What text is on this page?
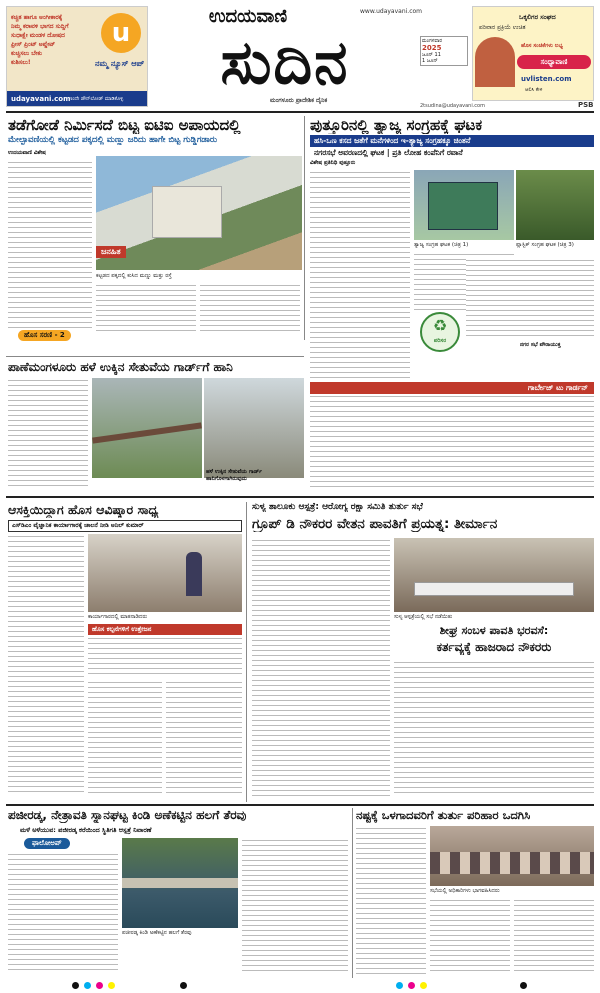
ಕಚ್ಚಿತ ಹಾಗೂ ಅಂಗೀಕಾರಕ್ಕೆ
ನಿಮ್ಮ ಕರಾವಳಿ ಭಾಗದ ಸುದ್ದಿಗೆ
ಸುಧಾಕ್ಷೇ ಮಂಡಳ ದೋಷದ
ಫ್ರೀಸ್ ಪ್ರಿಂಟ್ ಅಪ್ಡೇಟ್
ಕುಚ್ಚಿಸಲು ಬೇಕು
ಕುಶಿಸಲು!
u
ನಮ್ಮ ನ್ಯೂಸ್ ಆಪ್
udayavani.com
ಇಂದೇ ಡೌನ್‌ಲೋಡ್ ಮಾಡಿಕೊಳ್ಳಿ
ಉದಯವಾಣಿ	www.udayavani.com
ಸುದಿನ	ಮಂಗಳವಾರ
2025
ಜೂನ್ 11
1 ಜೂನ್
ಮಂಗಳೂರು ಪ್ರಾದೇಶಿಕ ದೈನಿಕ
2tsudina@udayavani.com	PSB
ಒಕ್ಕಲಿಗರ ಸಂಘದ
ಪರಿವಾರ ಪ್ರಕ್ರಿಯೆ ಉಚಿತ
ಹೊಸ ಸಂಚಿಕೆಗಳು ಲಭ್ಯ
ಸಂಧ್ಯಾವಾಣಿ
uvlisten.com
ಆಲಿಸಿ ಕೇಳಿ
ತಡೆಗೋಡೆ ನಿರ್ಮಿಸದೆ ಬಿಟ್ಟ ಐಟಿಐ ಅಪಾಯದಲ್ಲಿ
ಮೇಲ್ಛಾವಣಿಯಲ್ಲಿ ಕಟ್ಟಡದ ಪಕ್ಕದಲ್ಲಿ ಮಣ್ಣು ಜರಿದು ಹಾಗೇ ಬಿಟ್ಟ ಗುಡ್ಡಿಗಡಾರು
ಉದಯವಾಣಿ ವಿಶೇಷ
ಜನಹಿತ
ಕಟ್ಟಡದ ಪಕ್ಕದಲ್ಲಿ ಕುಸಿದ ಮಣ್ಣು ಮತ್ತು ರಸ್ತೆ
ಹೊಸ ಸರಣಿ - 2
ಪುತ್ತೂರಿನಲ್ಲಿ ತ್ಯಾಜ್ಯ ಸಂಗ್ರಹಕ್ಕೆ ಘಟಕ
ಹಸಿ-ಒಣ ಕಸದ ಜತೆಗೆ ಮನೆಗಳಿಂದ ಇ-ತ್ಯಾಜ್ಯ ಸಂಗ್ರಹಕ್ಕೂ ಚಿಂತನೆ
ನಗರಸಭೆ ಅವರಣದಲ್ಲಿ ಘಟಕ | ಪ್ರತಿ ಲೋಹ ಕಂಪೆನಿಗೆ ರವಾನೆ
ವಿಶೇಷ ಪ್ರತಿನಿಧಿ ಪುತ್ತೂರು
ತ್ಯಾಜ್ಯ ಸಂಗ್ರಹ ಘಟಕ (ಚಿತ್ರ 1)	ಪ್ಲಾಸ್ಟಿಕ್ ಸಂಗ್ರಹ ಘಟಕ (ಚಿತ್ರ 3)
♻
ಪರಿಸರ
ನಗರ ಸಭೆ ಪೌರಾಯುಕ್ತ
ಗಾರ್ಬೇಜ್ ಟು ಗಾರ್ಡನ್
ಪಾಣೆಮಂಗಳೂರು ಹಳೆ ಉಕ್ಕಿನ ಸೇತುವೆಯ ಗಾರ್ಡ್‌ಗೆ ಹಾನಿ
ಹಳೆ ಉಕ್ಕಿನ ಸೇತುವೆಯ ಗಾರ್ಡ್ ಹಾನಿಗೊಳಗಾಗಿರುವುದು
ಆಸಕ್ತಿಯಿದ್ದಾಗ ಹೊಸ ಆವಿಷ್ಕಾರ ಸಾಧ್ಯ
ಎಸ್‌ಡಿಎಂ ವೈಜ್ಞಾನಿಕ ಕಾರ್ಯಾಗಾರಕ್ಕೆ ಚಾಲನೆ ನೀಡಿ ಅನಿಲ್ ಕುಮಾರ್
ಕಾರ್ಯಾಗಾರದಲ್ಲಿ ಮಾತನಾಡಿದರು
ಹೊಸ ಕಲ್ಪನೆಗಳಿಗೆ ಉತ್ತೇಜನ
ಸುಳ್ಯ ತಾಲೂಕು ಆಸ್ಪತ್ರೆ: ಆರೋಗ್ಯ ರಕ್ಷಾ ಸಮಿತಿ ತುರ್ತು ಸಭೆ
ಗ್ರೂಪ್ ಡಿ ನೌಕರರ ವೇತನ ಪಾವತಿಗೆ ಪ್ರಯತ್ನ: ತೀರ್ಮಾನ
ಸುಳ್ಯ ಆಸ್ಪತ್ರೆಯಲ್ಲಿ ಸಭೆ ನಡೆಯಿತು
ಶೀಘ್ರ ಸಂಬಳ ಪಾವತಿ ಭರವಸೆ:
ಕರ್ತವ್ಯಕ್ಕೆ ಹಾಜರಾದ ನೌಕರರು
ಪಜೀರಡ್ಕ, ನೇತ್ರಾವತಿ ಸ್ನಾನಘಟ್ಟ ಕಿಂಡಿ ಅಣೆಕಟ್ಟಿನ ಹಲಗೆ ತೆರವು
ಮಳೆ ಅಳೆಯುವ: ಪಜೀರಡ್ಕ ಕರೆಯಿಂದ ಸ್ಥಿತಿಗತಿ ಆಸ್ಪತ್ರೆ ನಿವಾರಣೆ
ಫಾಲೋಅಪ್
ಪಜೀರಡ್ಕ ಕಿಂಡಿ ಅಣೆಕಟ್ಟಿನ ಹಲಗೆ ತೆರವು
ನಷ್ಟಕ್ಕೆ ಒಳಗಾದವರಿಗೆ ತುರ್ತು ಪರಿಹಾರ ಒದಗಿಸಿ
ಸಭೆಯಲ್ಲಿ ಅಧಿಕಾರಿಗಳು ಭಾಗವಹಿಸಿದರು
